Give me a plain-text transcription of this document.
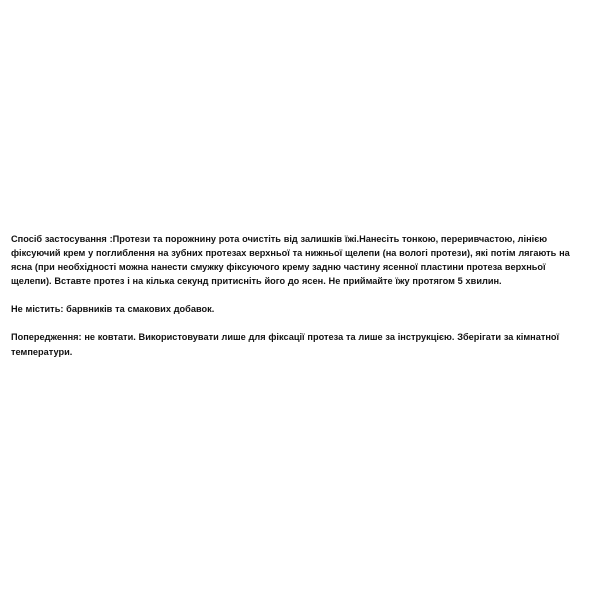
Спосіб застосування :Протези та порожнину рота очистіть від залишків їжі.Нанесіть тонкою, переривчастою, лінією фіксуючий крем у поглиблення на зубних протезах верхньої та нижньої щелепи (на вологі протези), які потім лягають на ясна (при необхідності можна нанести смужку фіксуючого крему задню частину ясенної пластини протеза верхньої щелепи). Вставте протез і на кілька секунд притисніть його до ясен. Не приймайте їжу протягом 5 хвилин.

Не містить: барвників та смакових добавок.

Попередження: не ковтати. Використовувати лише для фіксації протеза та лише за інструкцією. Зберігати за кімнатної температури.
